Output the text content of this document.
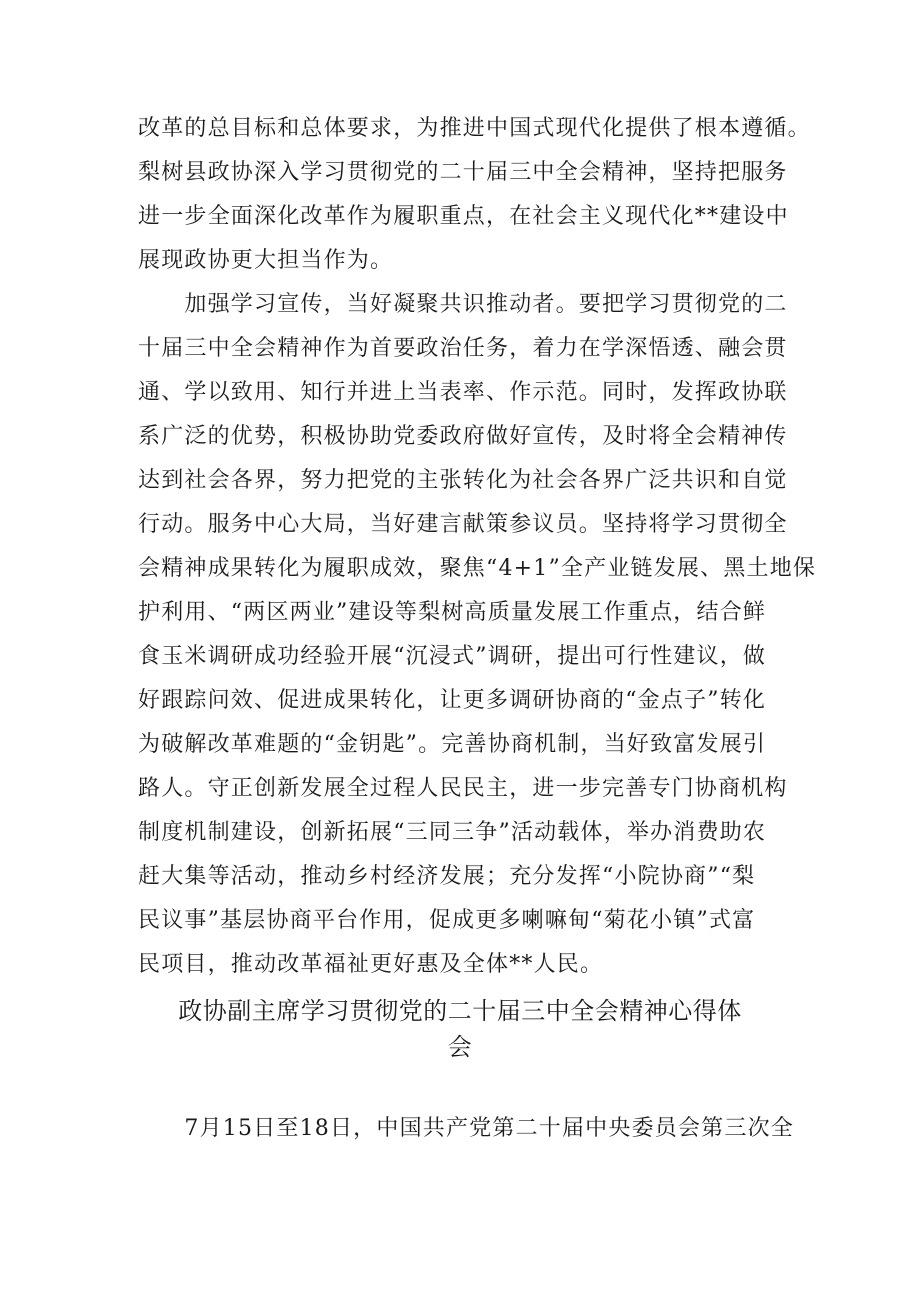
改革的总目标和总体要求，为推进中国式现代化提供了根本遵循。
梨树县政协深入学习贯彻党的二十届三中全会精神，坚持把服务
进一步全面深化改革作为履职重点，在社会主义现代化**建设中
展现政协更大担当作为。
　　加强学习宣传，当好凝聚共识推动者。要把学习贯彻党的二
十届三中全会精神作为首要政治任务，着力在学深悟透、融会贯
通、学以致用、知行并进上当表率、作示范。同时，发挥政协联
系广泛的优势，积极协助党委政府做好宣传，及时将全会精神传
达到社会各界，努力把党的主张转化为社会各界广泛共识和自觉
行动。服务中心大局，当好建言献策参议员。坚持将学习贯彻全
会精神成果转化为履职成效，聚焦“4+1”全产业链发展、黑土地保
护利用、“两区两业”建设等梨树高质量发展工作重点，结合鲜
食玉米调研成功经验开展“沉浸式”调研，提出可行性建议，做
好跟踪问效、促进成果转化，让更多调研协商的“金点子”转化
为破解改革难题的“金钥匙”。完善协商机制，当好致富发展引
路人。守正创新发展全过程人民民主，进一步完善专门协商机构
制度机制建设，创新拓展“三同三争”活动载体，举办消费助农
赶大集等活动，推动乡村经济发展；充分发挥“小院协商”“梨
民议事”基层协商平台作用，促成更多喇嘛甸“菊花小镇”式富
民项目，推动改革福祉更好惠及全体**人民。
政协副主席学习贯彻党的二十届三中全会精神心得体
会
　　7月15日至18日，中国共产党第二十届中央委员会第三次全
